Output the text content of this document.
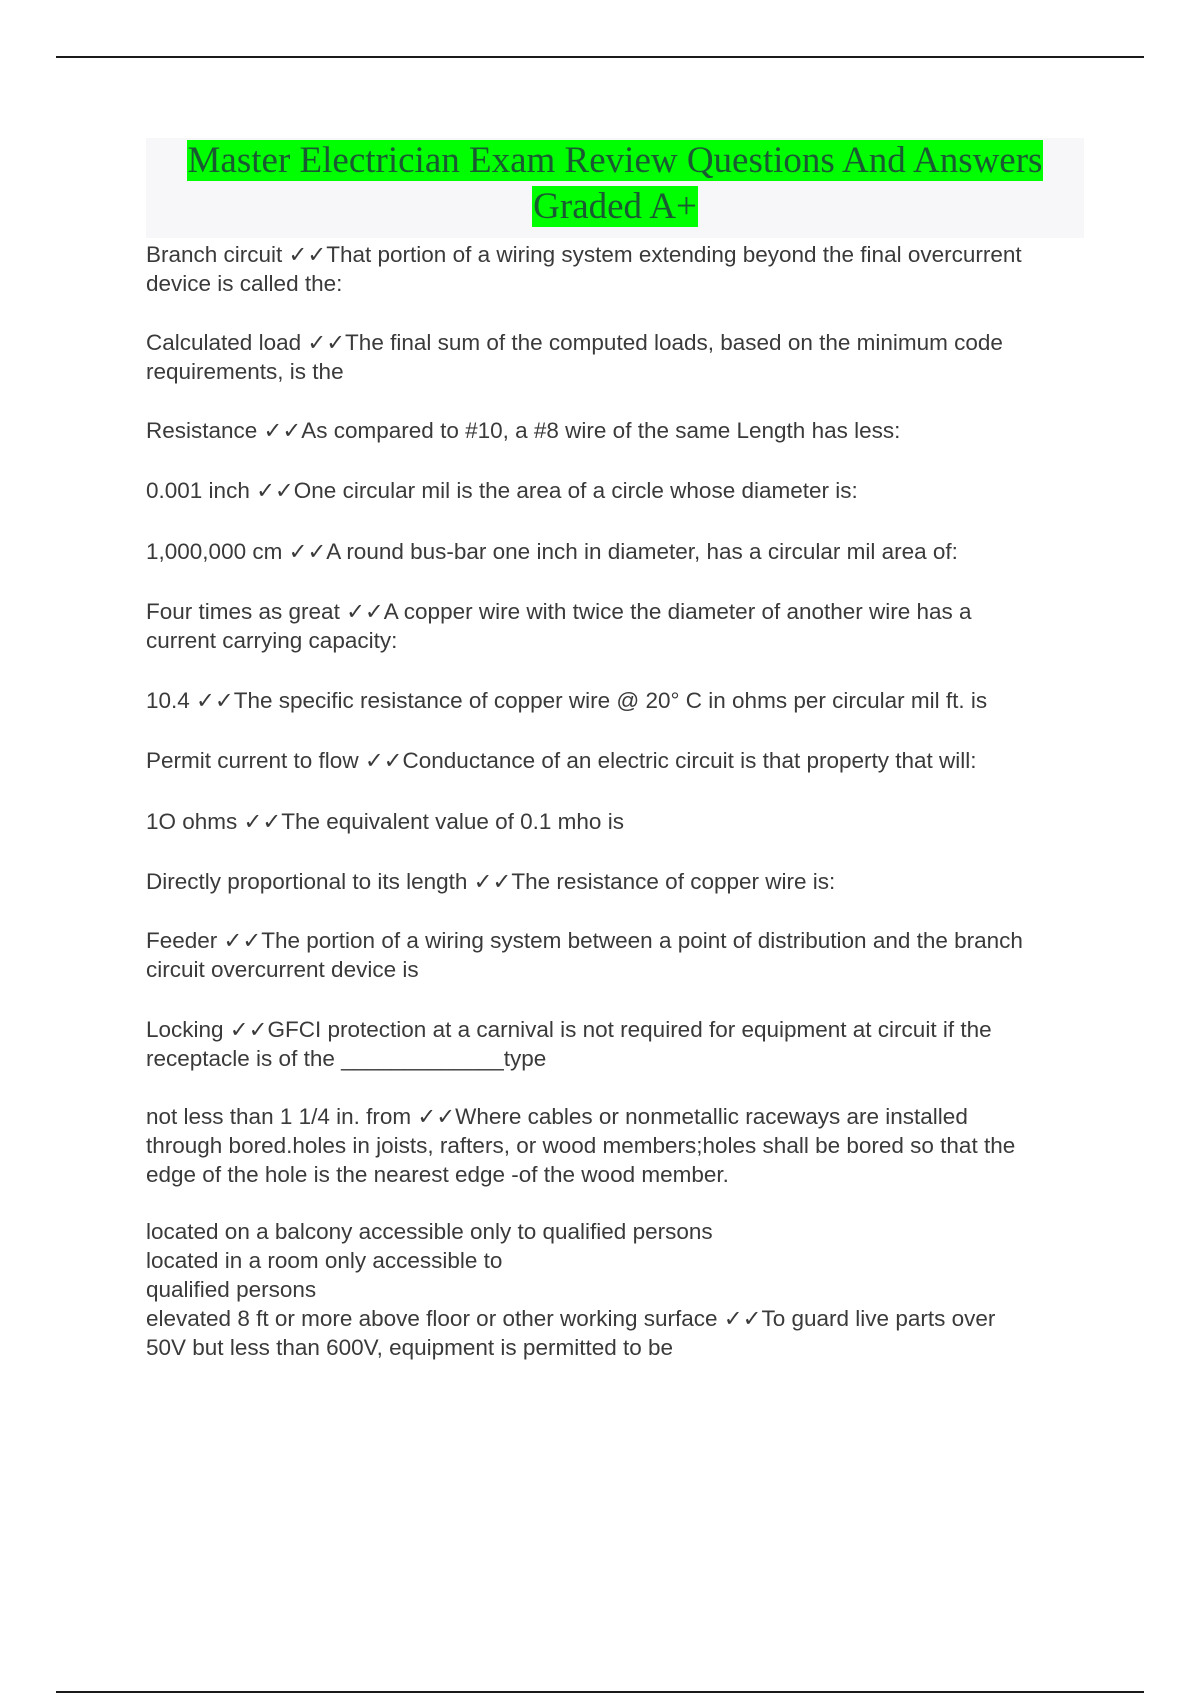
Master Electrician Exam Review Questions And Answers
Graded A+
Branch circuit ✓✓That portion of a wiring system extending beyond the final overcurrent
device is called the:
Calculated load ✓✓The final sum of the computed loads, based on the minimum code
requirements, is the
Resistance ✓✓As compared to #10, a #8 wire of the same Length has less:
0.001 inch ✓✓One circular mil is the area of a circle whose diameter is:
1,000,000 cm ✓✓A round bus-bar one inch in diameter, has a circular mil area of:
Four times as great ✓✓A copper wire with twice the diameter of another wire has a
current carrying capacity:
10.4 ✓✓The specific resistance of copper wire @ 20° C in ohms per circular mil ft. is
Permit current to flow ✓✓Conductance of an electric circuit is that property that will:
1O ohms ✓✓The equivalent value of 0.1 mho is
Directly proportional to its length ✓✓The resistance of copper wire is:
Feeder ✓✓The portion of a wiring system between a point of distribution and the branch
circuit overcurrent device is
Locking ✓✓GFCI protection at a carnival is not required for equipment at circuit if the
receptacle is of the _____________type
not less than 1 1/4 in. from ✓✓Where cables or nonmetallic raceways are installed
through bored.holes in joists, rafters, or wood members;holes shall be bored so that the
edge of the hole is the nearest edge -of the wood member.
located on a balcony accessible only to qualified persons
located in a room only accessible to
qualified persons
elevated 8 ft or more above floor or other working surface ✓✓To guard live parts over
50V but less than 600V, equipment is permitted to be
